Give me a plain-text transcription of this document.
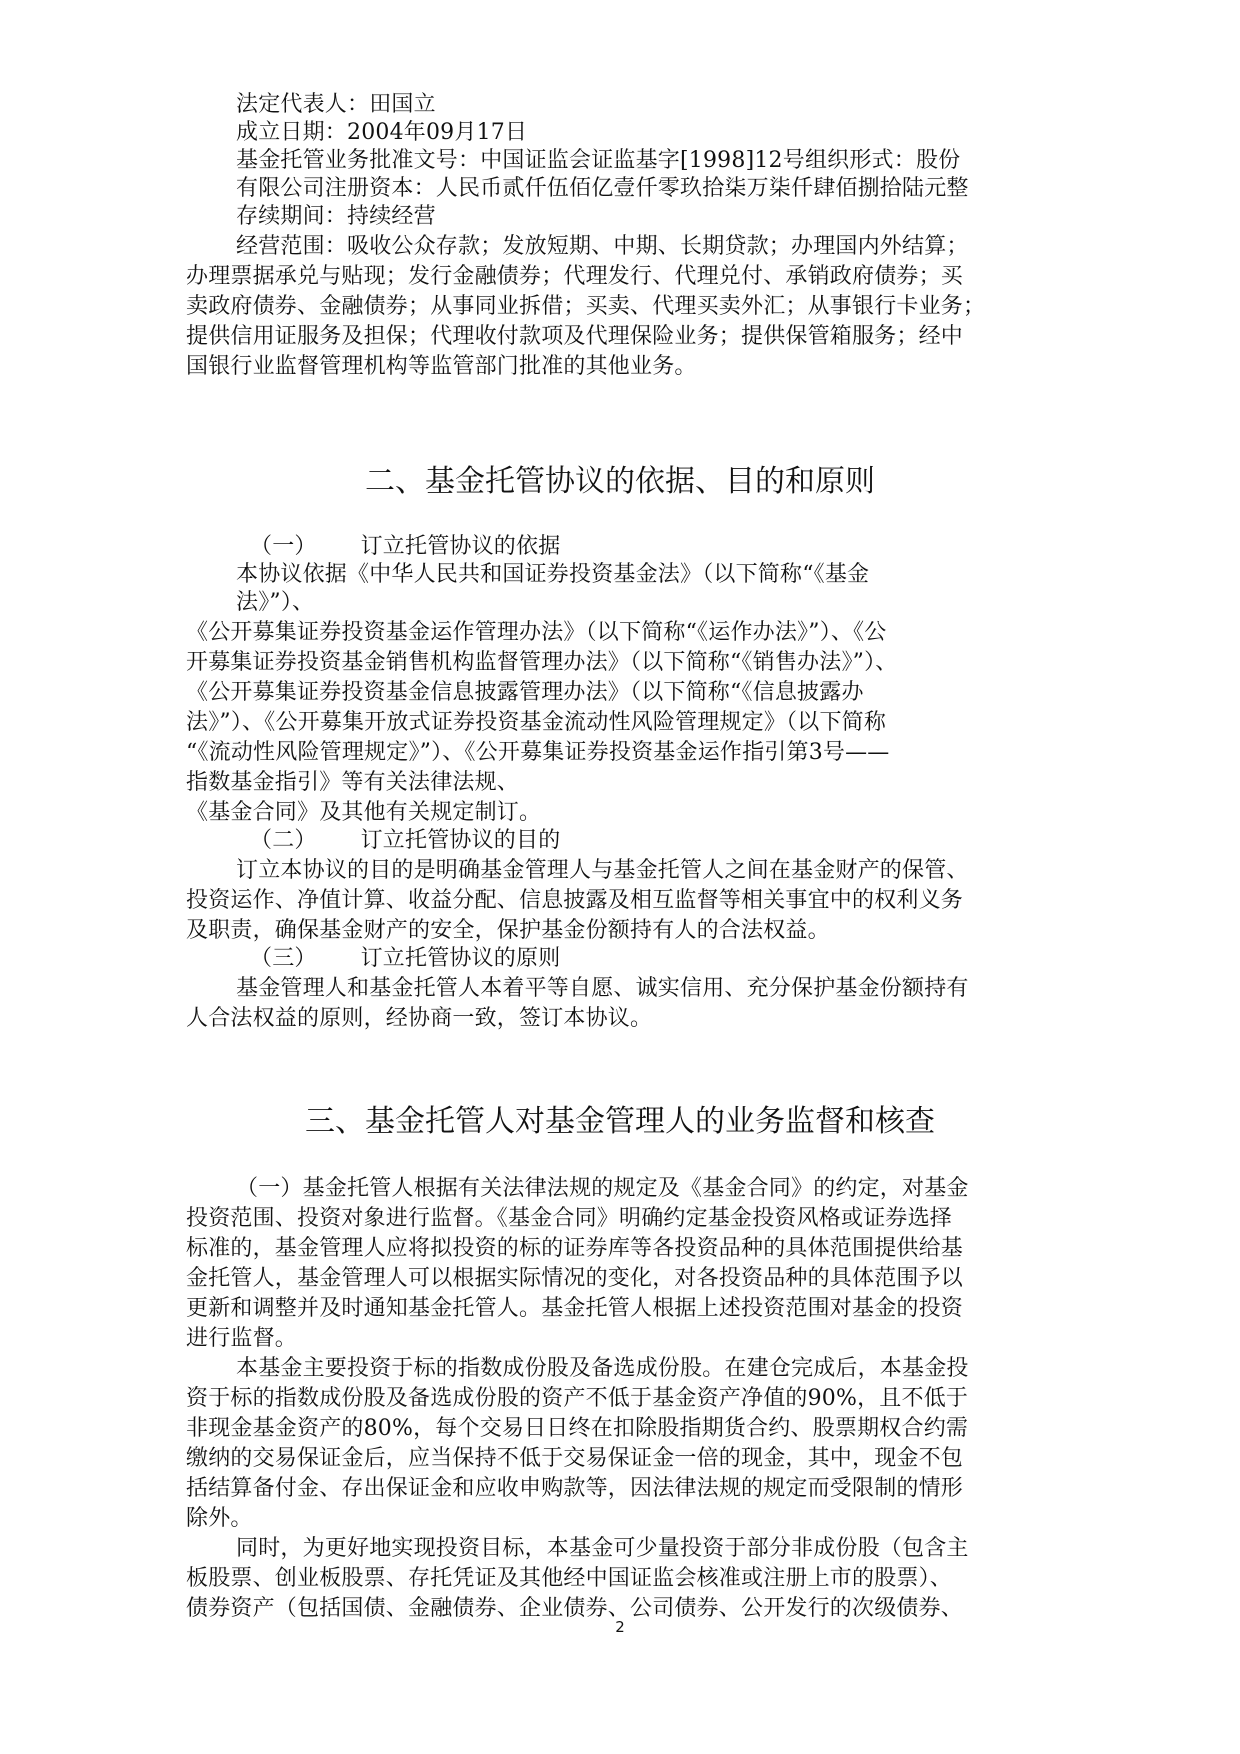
法定代表人：田国立
成立日期：2004年09月17日
基金托管业务批准文号：中国证监会证监基字[1998]12号组织形式：股份
有限公司注册资本：人民币贰仟伍佰亿壹仟零玖拾柒万柒仟肆佰捌拾陆元整
存续期间：持续经营
经营范围：吸收公众存款；发放短期、中期、长期贷款；办理国内外结算；
办理票据承兑与贴现；发行金融债券；代理发行、代理兑付、承销政府债券；买
卖政府债券、金融债券；从事同业拆借；买卖、代理买卖外汇；从事银行卡业务；
提供信用证服务及担保；代理收付款项及代理保险业务；提供保管箱服务；经中
国银行业监督管理机构等监管部门批准的其他业务。
二、基金托管协议的依据、目的和原则
（一） 订立托管协议的依据
本协议依据《中华人民共和国证券投资基金法》（以下简称“《基金
法》”）、
《公开募集证券投资基金运作管理办法》（以下简称“《运作办法》”）、《公
开募集证券投资基金销售机构监督管理办法》（以下简称“《销售办法》”）、
《公开募集证券投资基金信息披露管理办法》（以下简称“《信息披露办
法》”）、《公开募集开放式证券投资基金流动性风险管理规定》（以下简称
“《流动性风险管理规定》”）、《公开募集证券投资基金运作指引第3号——
指数基金指引》等有关法律法规、
《基金合同》及其他有关规定制订。
（二） 订立托管协议的目的
订立本协议的目的是明确基金管理人与基金托管人之间在基金财产的保管、
投资运作、净值计算、收益分配、信息披露及相互监督等相关事宜中的权利义务
及职责，确保基金财产的安全，保护基金份额持有人的合法权益。
（三） 订立托管协议的原则
基金管理人和基金托管人本着平等自愿、诚实信用、充分保护基金份额持有
人合法权益的原则，经协商一致，签订本协议。
三、基金托管人对基金管理人的业务监督和核查
（一）基金托管人根据有关法律法规的规定及《基金合同》的约定，对基金
投资范围、投资对象进行监督。《基金合同》明确约定基金投资风格或证券选择
标准的，基金管理人应将拟投资的标的证券库等各投资品种的具体范围提供给基
金托管人，基金管理人可以根据实际情况的变化，对各投资品种的具体范围予以
更新和调整并及时通知基金托管人。基金托管人根据上述投资范围对基金的投资
进行监督。
本基金主要投资于标的指数成份股及备选成份股。在建仓完成后，本基金投
资于标的指数成份股及备选成份股的资产不低于基金资产净值的90%，且不低于
非现金基金资产的80%，每个交易日日终在扣除股指期货合约、股票期权合约需
缴纳的交易保证金后，应当保持不低于交易保证金一倍的现金，其中，现金不包
括结算备付金、存出保证金和应收申购款等，因法律法规的规定而受限制的情形
除外。
同时，为更好地实现投资目标，本基金可少量投资于部分非成份股（包含主
板股票、创业板股票、存托凭证及其他经中国证监会核准或注册上市的股票）、
债券资产（包括国债、金融债券、企业债券、公司债券、公开发行的次级债券、
2
